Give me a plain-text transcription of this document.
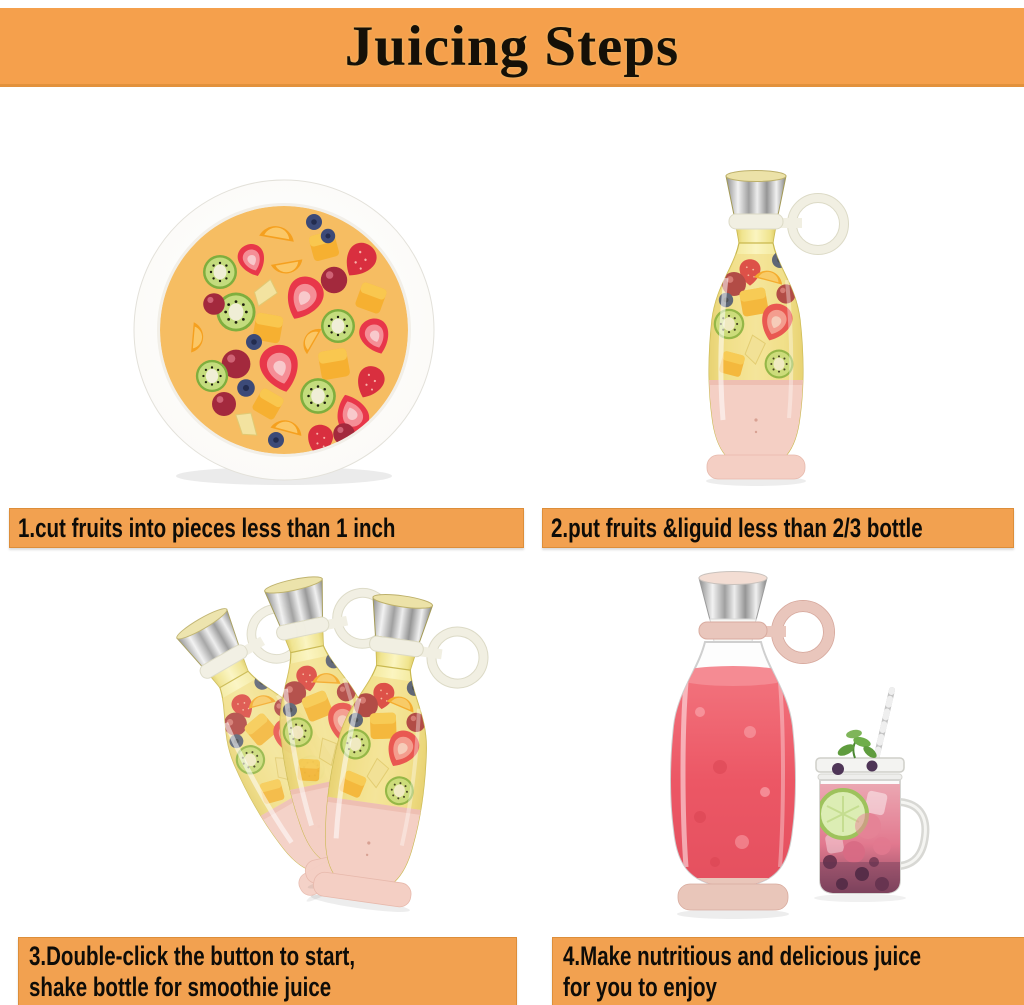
Juicing Steps
1.cut fruits into pieces less than 1 inch	2.put fruits &liguid less than 2/3 bottle
3.Double-click the button to start,
shake bottle for smoothie juice
4.Make nutritious and delicious juice
for you to enjoy
